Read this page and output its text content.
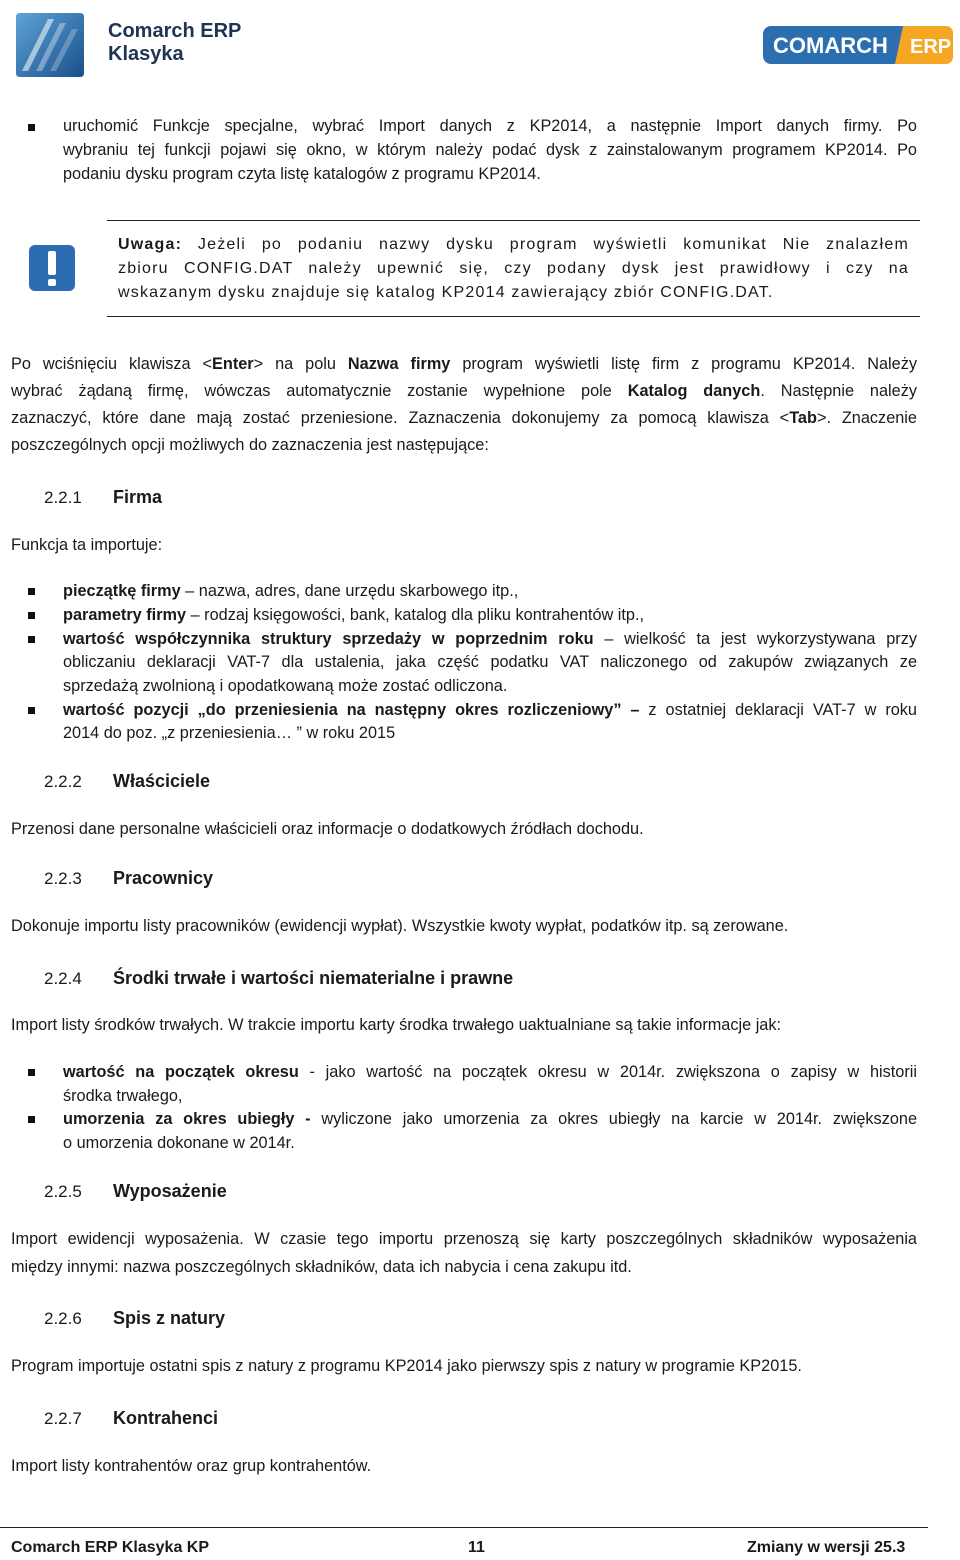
Comarch ERP
Klasyka	COMARCH ERP
uruchomić Funkcje specjalne, wybrać Import danych z KP2014, a następnie Import danych firmy. Po
wybraniu tej funkcji pojawi się okno, w którym należy podać dysk z zainstalowanym programem KP2014. Po
podaniu dysku program czyta listę katalogów z programu KP2014.
Uwaga: Jeżeli po podaniu nazwy dysku program wyświetli komunikat Nie znalazłem
zbioru CONFIG.DAT należy upewnić się, czy podany dysk jest prawidłowy i czy na
wskazanym dysku znajduje się katalog KP2014 zawierający zbiór CONFIG.DAT.
Po wciśnięciu klawisza <Enter> na polu Nazwa firmy program wyświetli listę firm z programu KP2014. Należy
wybrać żądaną firmę, wówczas automatycznie zostanie wypełnione pole Katalog danych. Następnie należy
zaznaczyć, które dane mają zostać przeniesione. Zaznaczenia dokonujemy za pomocą klawisza <Tab>. Znaczenie
poszczególnych opcji możliwych do zaznaczenia jest następujące:
2.2.1 Firma
Funkcja ta importuje:
pieczątkę firmy – nazwa, adres, dane urzędu skarbowego itp.,
parametry firmy – rodzaj księgowości, bank, katalog dla pliku kontrahentów itp.,
wartość współczynnika struktury sprzedaży w poprzednim roku – wielkość ta jest wykorzystywana przy
obliczaniu deklaracji VAT-7 dla ustalenia, jaka część podatku VAT naliczonego od zakupów związanych ze
sprzedażą zwolnioną i opodatkowaną może zostać odliczona.
wartość pozycji „do przeniesienia na następny okres rozliczeniowy” – z ostatniej deklaracji VAT-7 w roku
2014 do poz. „z przeniesienia… ” w roku 2015
2.2.2 Właściciele
Przenosi dane personalne właścicieli oraz informacje o dodatkowych źródłach dochodu.
2.2.3 Pracownicy
Dokonuje importu listy pracowników (ewidencji wypłat). Wszystkie kwoty wypłat, podatków itp. są zerowane.
2.2.4 Środki trwałe i wartości niematerialne i prawne
Import listy środków trwałych. W trakcie importu karty środka trwałego uaktualniane są takie informacje jak:
wartość na początek okresu - jako wartość na początek okresu w 2014r. zwiększona o zapisy w historii
środka trwałego,
umorzenia za okres ubiegły - wyliczone jako umorzenia za okres ubiegły na karcie w 2014r. zwiększone
o umorzenia dokonane w 2014r.
2.2.5 Wyposażenie
Import ewidencji wyposażenia. W czasie tego importu przenoszą się karty poszczególnych składników wyposażenia
między innymi: nazwa poszczególnych składników, data ich nabycia i cena zakupu itd.
2.2.6 Spis z natury
Program importuje ostatni spis z natury z programu KP2014 jako pierwszy spis z natury w programie KP2015.
2.2.7 Kontrahenci
Import listy kontrahentów oraz grup kontrahentów.
Comarch ERP Klasyka KP	11	Zmiany w wersji 25.3
